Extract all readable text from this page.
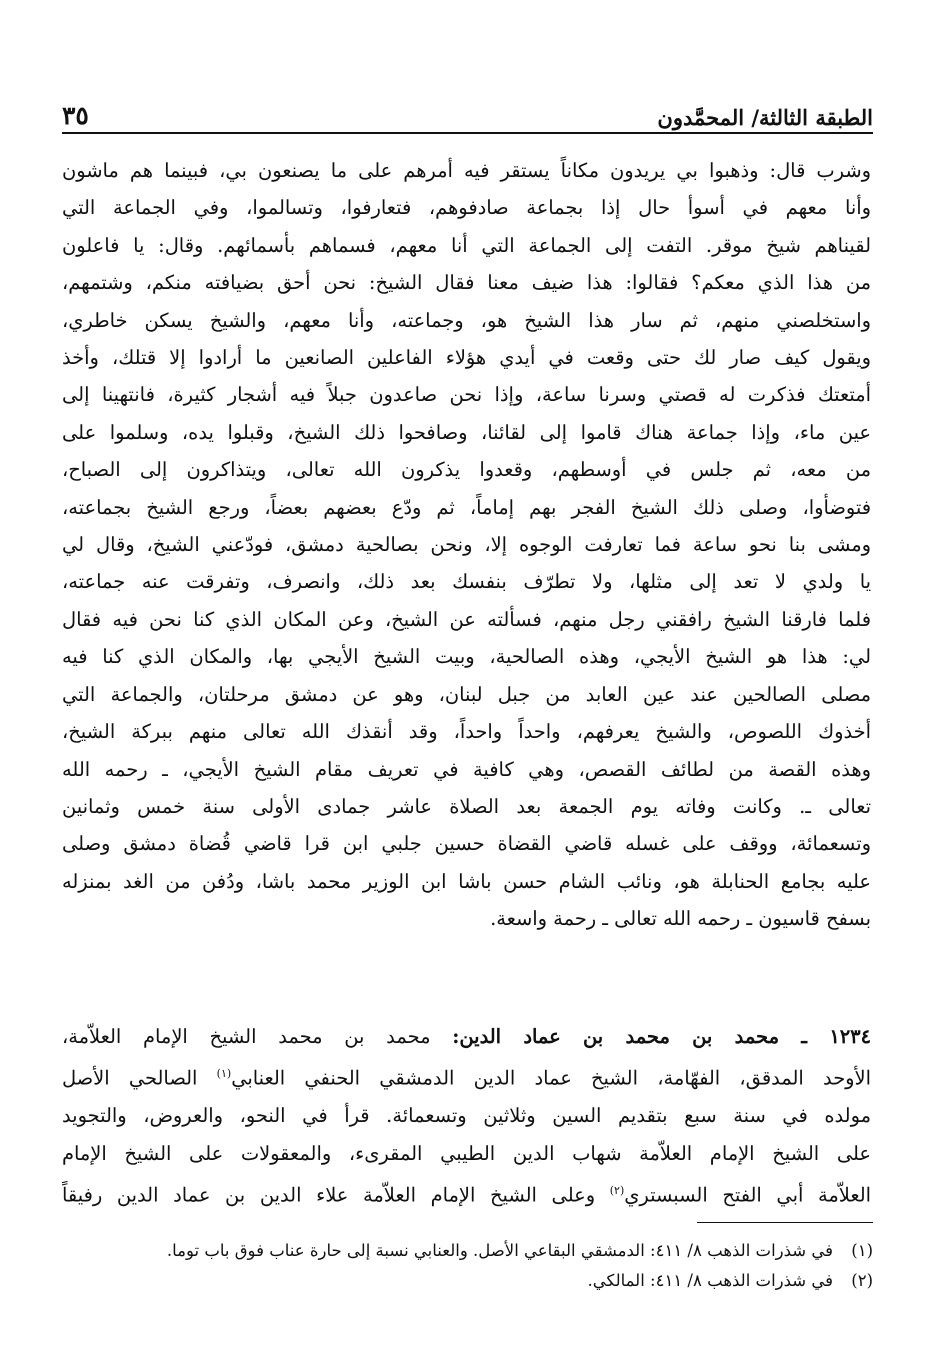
الطبقة الثالثة/ المحمَّدون
٣٥
وشرب قال: وذهبوا بي يريدون مكاناً يستقر فيه أمرهم على ما يصنعون بي، فبينما هم ماشون
وأنا معهم في أسوأ حال إذا بجماعة صادفوهم، فتعارفوا، وتسالموا، وفي الجماعة التي
لقيناهم شيخ موقر. التفت إلى الجماعة التي أنا معهم، فسماهم بأسمائهم. وقال: يا فاعلون
من هذا الذي معكم؟ فقالوا: هذا ضيف معنا فقال الشيخ: نحن أحق بضيافته منكم، وشتمهم،
واستخلصني منهم، ثم سار هذا الشيخ هو، وجماعته، وأنا معهم، والشيخ يسكن خاطري،
ويقول كيف صار لك حتى وقعت في أيدي هؤلاء الفاعلين الصانعين ما أرادوا إلا قتلك، وأخذ
أمتعتك فذكرت له قصتي وسرنا ساعة، وإذا نحن صاعدون جبلاً فيه أشجار كثيرة، فانتهينا إلى
عين ماء، وإذا جماعة هناك قاموا إلى لقائنا، وصافحوا ذلك الشيخ، وقبلوا يده، وسلموا على
من معه، ثم جلس في أوسطهم، وقعدوا يذكرون الله تعالى، ويتذاكرون إلى الصباح،
فتوضأوا، وصلى ذلك الشيخ الفجر بهم إماماً، ثم ودّع بعضهم بعضاً، ورجع الشيخ بجماعته،
ومشى بنا نحو ساعة فما تعارفت الوجوه إلا، ونحن بصالحية دمشق، فودّعني الشيخ، وقال لي
يا ولدي لا تعد إلى مثلها، ولا تطرّف بنفسك بعد ذلك، وانصرف، وتفرقت عنه جماعته،
فلما فارقنا الشيخ رافقني رجل منهم، فسألته عن الشيخ، وعن المكان الذي كنا نحن فيه فقال
لي: هذا هو الشيخ الأيجي، وهذه الصالحية، وبيت الشيخ الأيجي بها، والمكان الذي كنا فيه
مصلى الصالحين عند عين العابد من جبل لبنان، وهو عن دمشق مرحلتان، والجماعة التي
أخذوك اللصوص، والشيخ يعرفهم، واحداً واحداً، وقد أنقذك الله تعالى منهم ببركة الشيخ،
وهذه القصة من لطائف القصص، وهي كافية في تعريف مقام الشيخ الأيجي، ـ رحمه الله
تعالى ـ. وكانت وفاته يوم الجمعة بعد الصلاة عاشر جمادى الأولى سنة خمس وثمانين
وتسعمائة، ووقف على غسله قاضي القضاة حسين جلبي ابن قرا قاضي قُضاة دمشق وصلى
عليه بجامع الحنابلة هو، ونائب الشام حسن باشا ابن الوزير محمد باشا، ودُفن من الغد بمنزله
بسفح قاسيون ـ رحمه الله تعالى ـ رحمة واسعة.
١٢٣٤ ـ محمد بن محمد بن عماد الدين: محمد بن محمد الشيخ الإمام العلاّمة،
الأوحد المدقق، الفهّامة، الشيخ عماد الدين الدمشقي الحنفي العنابي$^{(١)}$ الصالحي الأصل
مولده في سنة سبع بتقديم السين وثلاثين وتسعمائة. قرأ في النحو، والعروض، والتجويد
على الشيخ الإمام العلاّمة شهاب الدين الطيبي المقرىء، والمعقولات على الشيخ الإمام
العلاّمة أبي الفتح السبستري$^{(٢)}$ وعلى الشيخ الإمام العلاّمة علاء الدين بن عماد الدين رفيقاً
(١)في شذرات الذهب ٨/ ٤١١: الدمشقي البقاعي الأصل. والعنابي نسبة إلى حارة عناب فوق باب توما.
(٢)في شذرات الذهب ٨/ ٤١١: المالكي.
